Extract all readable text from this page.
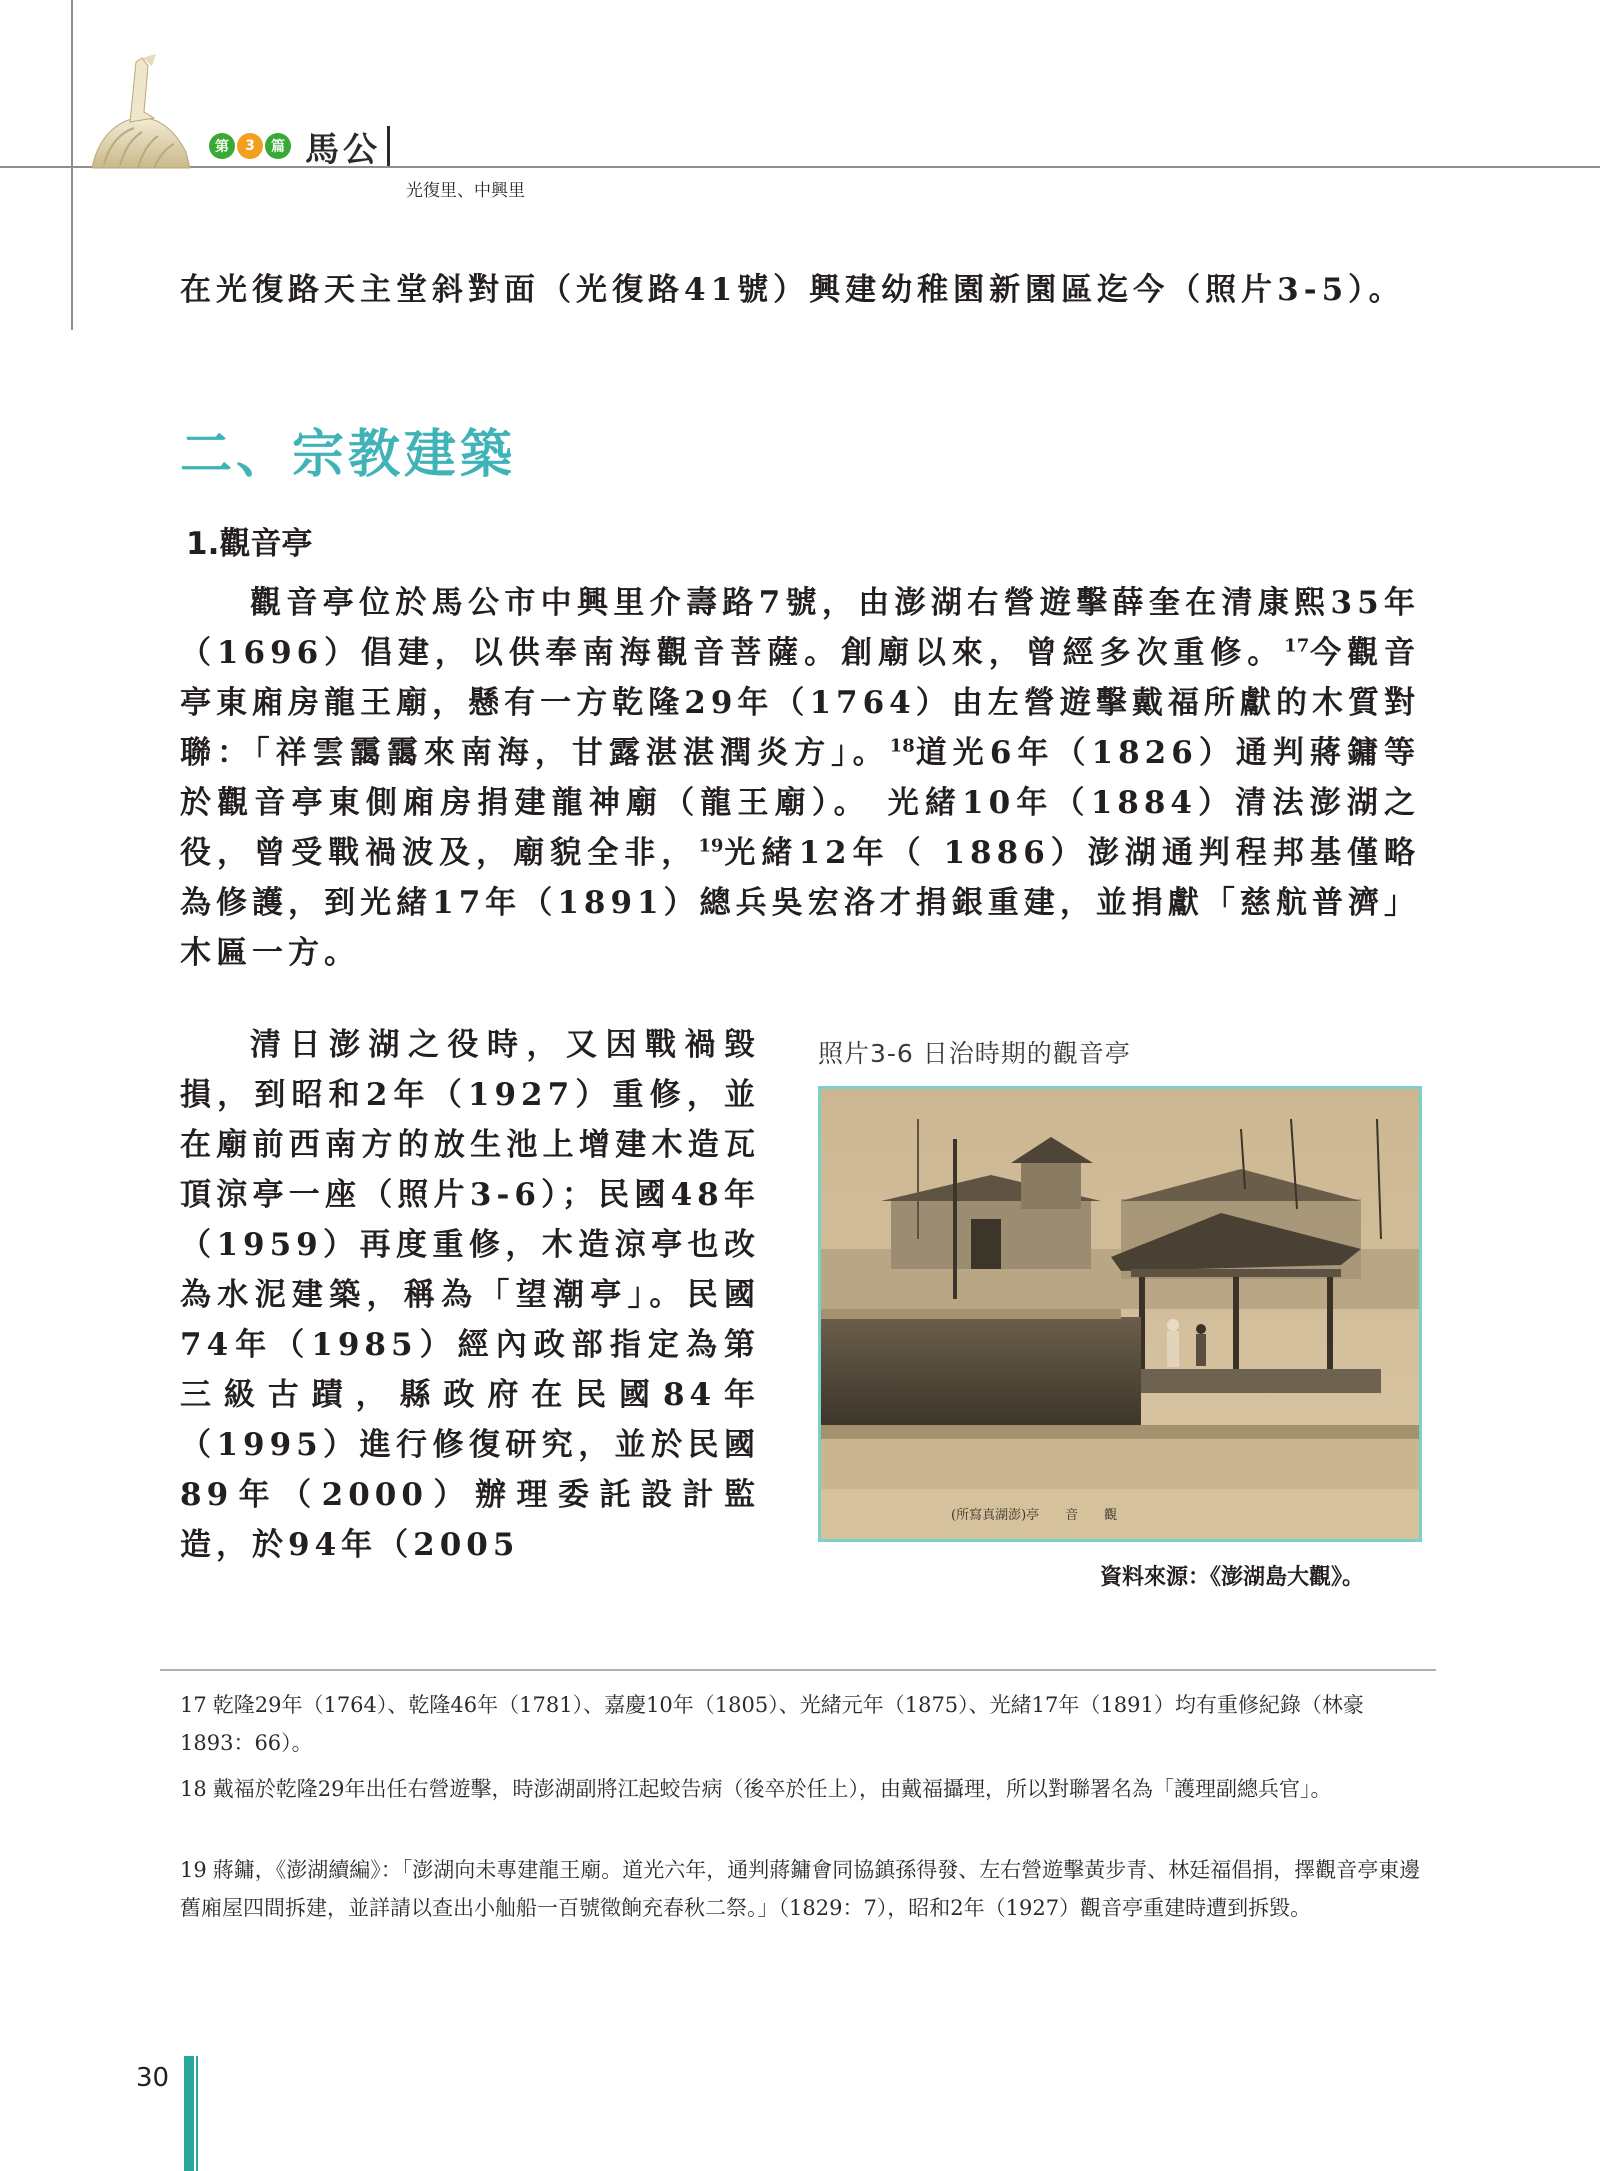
第	3	篇 馬公
光復里、中興里
在光復路天主堂斜對面（光復路41號）興建幼稚園新園區迄今（照片3-5）。
二、宗教建築
1.觀音亭
觀音亭位於馬公市中興里介壽路7號，由澎湖右營遊擊薛奎在清康熙35年（1696）倡建，以供奉南海觀音菩薩。創廟以來，曾經多次重修。$^{17}$今觀音亭東廂房龍王廟，懸有一方乾隆29年（1764）由左營遊擊戴福所獻的木質對聯：「祥雲靄靄來南海，甘露湛湛潤炎方」。$^{18}$道光6年（1826）通判蔣鏞等於觀音亭東側廂房捐建龍神廟（龍王廟）。 光緒10年（1884）清法澎湖之役，曾受戰禍波及，廟貌全非，$^{19}$光緒12年（ 1886）澎湖通判程邦基僅略為修護，到光緒17年（1891）總兵吳宏洛才捐銀重建，並捐獻「慈航普濟」木匾一方。
清日澎湖之役時，又因戰禍毀損，到昭和2年（1927）重修，並在廟前西南方的放生池上增建木造瓦頂涼亭一座（照片3-6）；民國48年（1959）再度重修，木造涼亭也改為水泥建築，稱為「望潮亭」。民國74年（1985）經內政部指定為第三級古蹟，縣政府在民國84年（1995）進行修復研究，並於民國89年（2000）辦理委託設計監造，於94年（2005
照片3-6 日治時期的觀音亭
(所寫真湖澎)亭　　音　　觀
資料來源：《澎湖島大觀》。
17 乾隆29年（1764）、乾隆46年（1781）、嘉慶10年（1805）、光緒元年（1875）、光緒17年（1891）均有重修紀錄（林豪 1893：66）。
18 戴福於乾隆29年出任右營遊擊，時澎湖副將江起蛟告病（後卒於任上），由戴福攝理，所以對聯署名為「護理副總兵官」。
19 蔣鏞，《澎湖續編》：「澎湖向未專建龍王廟。道光六年，通判蔣鏞會同協鎮孫得發、左右營遊擊黃步青、林廷福倡捐，擇觀音亭東邊舊廂屋四間拆建，並詳請以查出小舢船一百號徵餉充春秋二祭。」（1829：7），昭和2年（1927）觀音亭重建時遭到拆毀。
30
